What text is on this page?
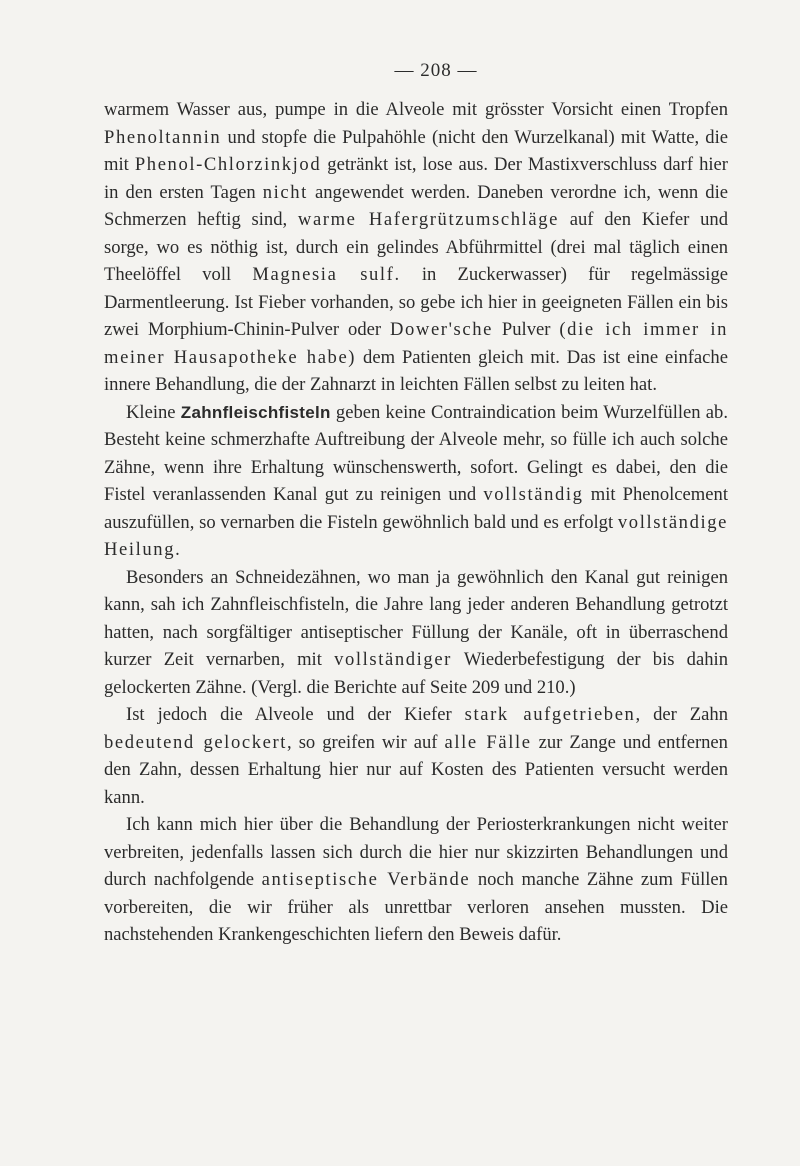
— 208 —

warmem Wasser aus, pumpe in die Alveole mit grösster Vorsicht einen Tropfen Phenoltannin und stopfe die Pulpahöhle (nicht den Wurzelkanal) mit Watte, die mit Phenol-Chlorzinkjod getränkt ist, lose aus. Der Mastixverschluss darf hier in den ersten Tagen nicht angewendet werden. Daneben verordne ich, wenn die Schmerzen heftig sind, warme Hafergrützumschläge auf den Kiefer und sorge, wo es nöthig ist, durch ein gelindes Abführmittel (drei mal täglich einen Theelöffel voll Magnesia sulf. in Zuckerwasser) für regelmässige Darmentleerung. Ist Fieber vorhanden, so gebe ich hier in geeigneten Fällen ein bis zwei Morphium-Chinin-Pulver oder Dower'sche Pulver (die ich immer in meiner Hausapotheke habe) dem Patienten gleich mit. Das ist eine einfache innere Behandlung, die der Zahnarzt in leichten Fällen selbst zu leiten hat.

Kleine Zahnfleischfisteln geben keine Contraindication beim Wurzelfüllen ab. Besteht keine schmerzhafte Auftreibung der Alveole mehr, so fülle ich auch solche Zähne, wenn ihre Erhaltung wünschenswerth, sofort. Gelingt es dabei, den die Fistel veranlassenden Kanal gut zu reinigen und vollständig mit Phenolcement auszufüllen, so vernarben die Fisteln gewöhnlich bald und es erfolgt vollständige Heilung.

Besonders an Schneidezähnen, wo man ja gewöhnlich den Kanal gut reinigen kann, sah ich Zahnfleischfisteln, die Jahre lang jeder anderen Behandlung getrotzt hatten, nach sorgfältiger antiseptischer Füllung der Kanäle, oft in überraschend kurzer Zeit vernarben, mit vollständiger Wiederbefestigung der bis dahin gelockerten Zähne. (Vergl. die Berichte auf Seite 209 und 210.)

Ist jedoch die Alveole und der Kiefer stark aufgetrieben, der Zahn bedeutend gelockert, so greifen wir auf alle Fälle zur Zange und entfernen den Zahn, dessen Erhaltung hier nur auf Kosten des Patienten versucht werden kann.

Ich kann mich hier über die Behandlung der Periosterkrankungen nicht weiter verbreiten, jedenfalls lassen sich durch die hier nur skizzirten Behandlungen und durch nachfolgende antiseptische Verbände noch manche Zähne zum Füllen vorbereiten, die wir früher als unrettbar verloren ansehen mussten. Die nachstehenden Krankengeschichten liefern den Beweis dafür.
